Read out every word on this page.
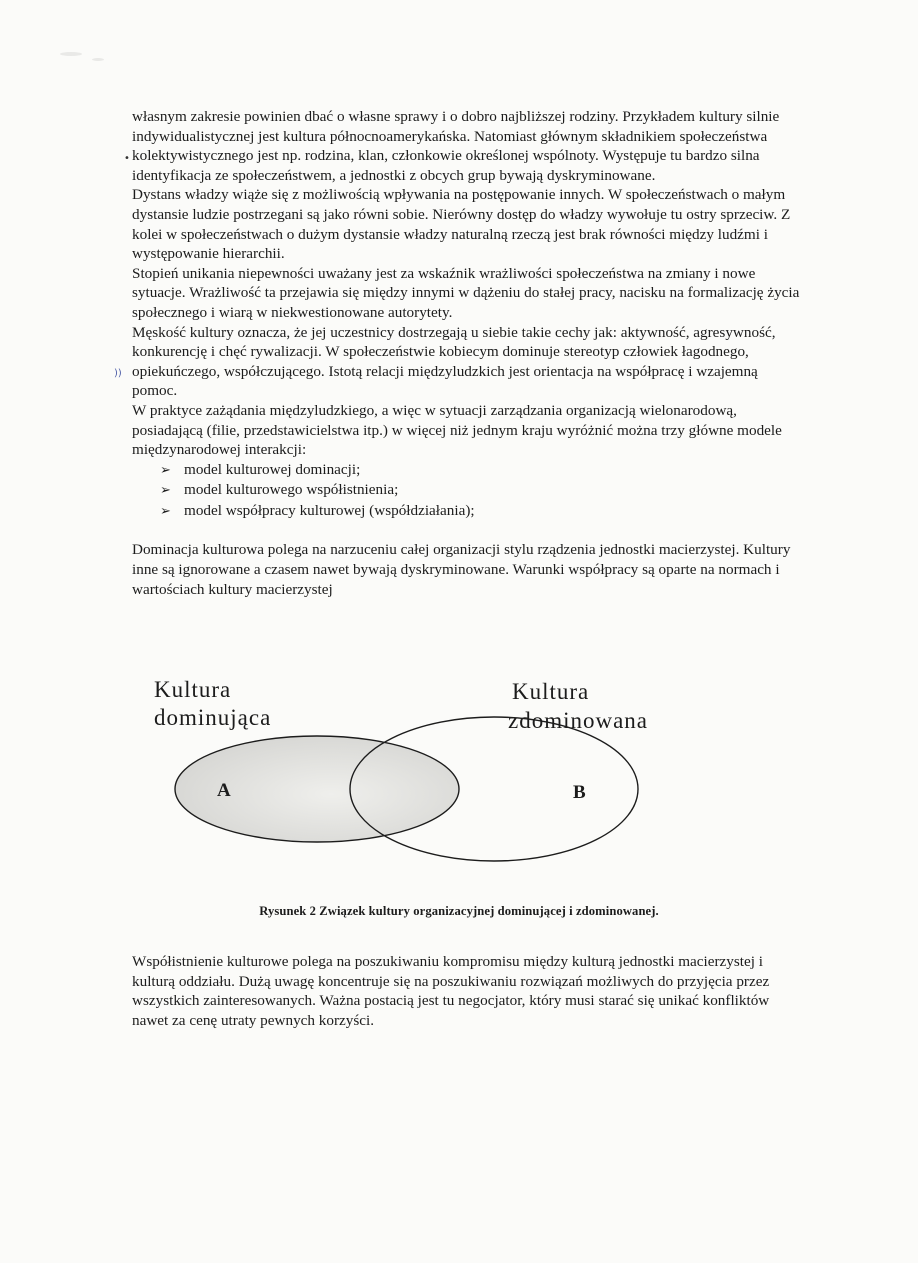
•
))

własnym zakresie powinien dbać o własne sprawy i o dobro najbliższej rodziny. Przykładem kultury silnie indywidualistycznej jest kultura północnoamerykańska. Natomiast głównym składnikiem społeczeństwa kolektywistycznego jest np. rodzina, klan, członkowie określonej wspólnoty. Występuje tu bardzo silna identyfikacja ze społeczeństwem, a jednostki z obcych grup bywają dyskryminowane.

Dystans władzy wiąże się z możliwością wpływania na postępowanie innych. W społeczeństwach o małym dystansie ludzie postrzegani są jako równi sobie. Nierówny dostęp do władzy wywołuje tu ostry sprzeciw. Z kolei w społeczeństwach o dużym dystansie władzy naturalną rzeczą jest brak równości między ludźmi i występowanie hierarchii.

Stopień unikania niepewności uważany jest za wskaźnik wrażliwości społeczeństwa na zmiany i nowe sytuacje. Wrażliwość ta przejawia się między innymi w dążeniu do stałej pracy, nacisku na formalizację życia społecznego i wiarą w niekwestionowane autorytety.

Męskość kultury oznacza, że jej uczestnicy dostrzegają u siebie takie cechy jak: aktywność, agresywność, konkurencję i chęć rywalizacji. W społeczeństwie kobiecym dominuje stereotyp człowiek łagodnego, opiekuńczego, współczującego. Istotą relacji międzyludzkich jest orientacja na współpracę i wzajemną pomoc.

W praktyce zażądania międzyludzkiego, a więc w sytuacji zarządzania organizacją wielonarodową, posiadającą (filie, przedstawicielstwa itp.) w więcej niż jednym kraju wyróżnić można trzy główne modele międzynarodowej interakcji:

➢ model kulturowej dominacji;
➢ model kulturowego współistnienia;
➢ model współpracy kulturowej (współdziałania);

Dominacja kulturowa polega na narzuceniu całej organizacji stylu rządzenia jednostki macierzystej. Kultury inne są ignorowane a czasem nawet bywają dyskryminowane. Warunki współpracy są oparte na normach i wartościach kultury macierzystej

Kultura
dominująca
Kultura
zdominowana
A	B
Rysunek 2 Związek kultury organizacyjnej dominującej i zdominowanej.

Współistnienie kulturowe polega na poszukiwaniu kompromisu między kulturą jednostki macierzystej i kulturą oddziału. Dużą uwagę koncentruje się na poszukiwaniu rozwiązań możliwych do przyjęcia przez wszystkich zainteresowanych. Ważna postacią jest tu negocjator, który musi starać się unikać konfliktów nawet za cenę utraty pewnych korzyści.
